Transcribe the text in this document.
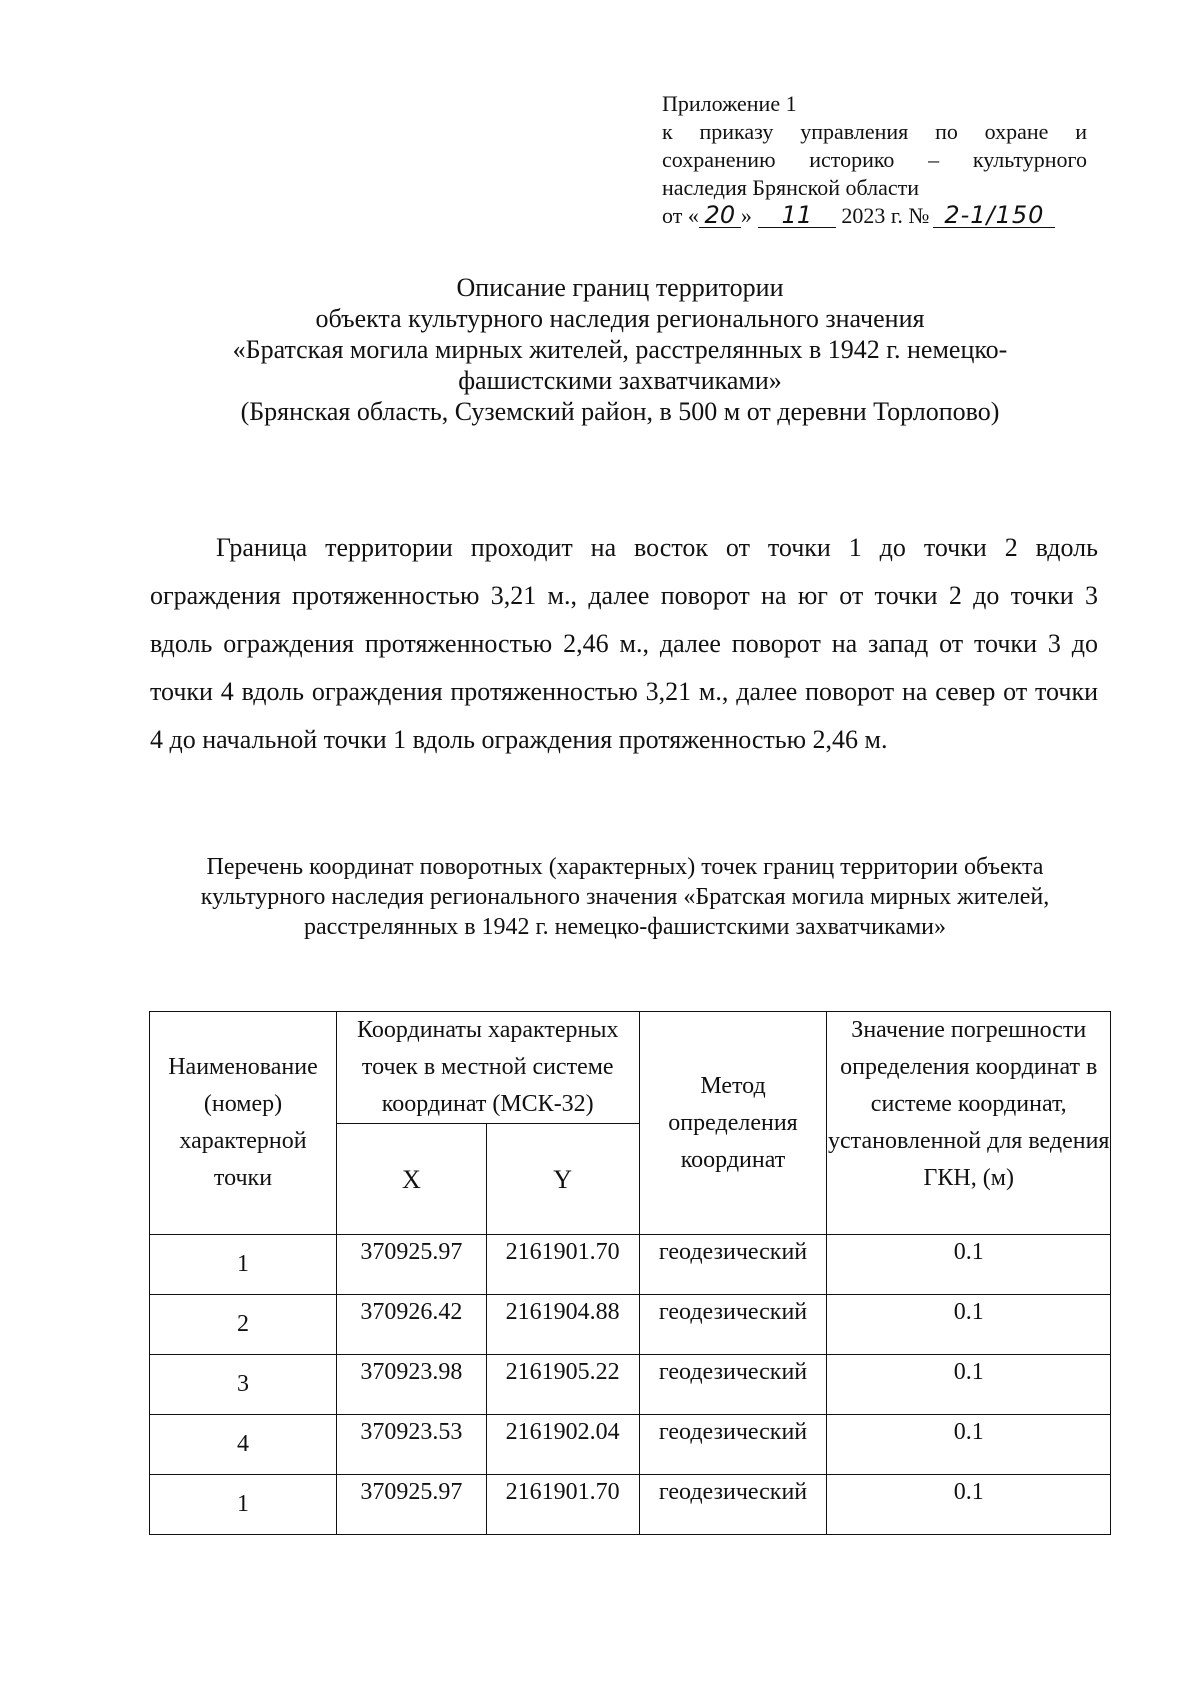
Приложение 1
к приказу управления по охране и
сохранению историко – культурного
наследия Брянской области
от « 20 » 11 2023 г. № 2-1/150
Описание границ территории
объекта культурного наследия регионального значения
«Братская могила мирных жителей, расстрелянных в 1942 г. немецко-
фашистскими захватчиками»
(Брянская область, Суземский район, в 500 м от деревни Торлопово)
Граница территории проходит на восток от точки 1 до точки 2 вдоль ограждения протяженностью 3,21 м., далее поворот на юг от точки 2 до точки 3 вдоль ограждения протяженностью 2,46 м., далее поворот на запад от точки 3 до точки 4 вдоль ограждения протяженностью 3,21 м., далее поворот на север от точки 4 до начальной точки 1 вдоль ограждения протяженностью 2,46 м.
Перечень координат поворотных (характерных) точек границ территории объекта культурного наследия регионального значения «Братская могила мирных жителей, расстрелянных в 1942 г. немецко-фашистскими захватчиками»
Наименование (номер) характерной точки	Координаты характерных точек в местной системе координат (МСК-32)		Метод определения координат	Значение погрешности определения координат в системе координат, установленной для ведения ГКН, (м)
	X	Y		
1	370925.97	2161901.70	геодезический	0.1
2	370926.42	2161904.88	геодезический	0.1
3	370923.98	2161905.22	геодезический	0.1
4	370923.53	2161902.04	геодезический	0.1
1	370925.97	2161901.70	геодезический	0.1
